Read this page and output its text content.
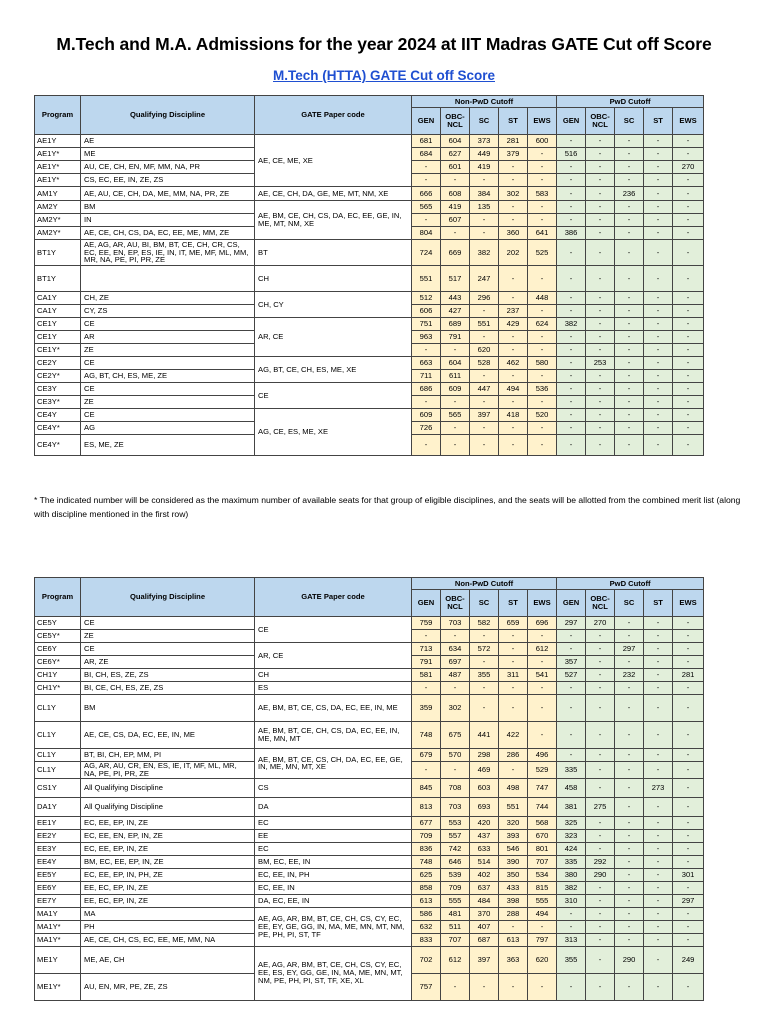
M.Tech and M.A. Admissions for the year 2024 at IIT Madras GATE Cut off Score
M.Tech (HTTA) GATE Cut off Score
Program	Qualifying Discipline	GATE Paper code	Non-PwD Cutoff					PwD Cutoff				
			GEN	OBC-NCL	SC	ST	EWS	GEN	OBC-NCL	SC	ST	EWS
AE1Y	AE	AE, CE, ME, XE	681	604	373	281	600	-	-	-	-	-
AE1Y*	ME		684	627	449	379	-	516	-	-	-	-
AE1Y*	AU, CE, CH, EN, MF, MM, NA, PR		-	601	419	-	-	-	-	-	-	270
AE1Y*	CS, EC, EE, IN, ZE, ZS		-	-	-	-	-	-	-	-	-	-
AM1Y	AE, AU, CE, CH, DA, ME, MM, NA, PR, ZE	AE, CE, CH, DA, GE, ME, MT, NM, XE	666	608	384	302	583	-	-	236	-	-
AM2Y	BM	AE, BM, CE, CH, CS, DA, EC, EE, GE, IN, ME, MT, NM, XE	565	419	135	-	-	-	-	-	-	-
AM2Y*	IN		-	607	-	-	-	-	-	-	-	-
AM2Y*	AE, CE, CH, CS, DA, EC, EE, ME, MM, ZE		804	-	-	360	641	386	-	-	-	-
BT1Y	AE, AG, AR, AU, BI, BM, BT, CE, CH, CR, CS, EC, EE, EN, EP, ES, IE, IN, IT, ME, MF, ML, MM, MR, NA, PE, PI, PR, ZE	BT	724	669	382	202	525	-	-	-	-	-
BT1Y		CH	551	517	247	-	-	-	-	-	-	-
CA1Y	CH, ZE	CH, CY	512	443	296	-	448	-	-	-	-	-
CA1Y	CY, ZS		606	427	-	237	-	-	-	-	-	-
CE1Y	CE	AR, CE	751	689	551	429	624	382	-	-	-	-
CE1Y	AR		963	791	-	-	-	-	-	-	-	-
CE1Y*	ZE		-	-	620	-	-	-	-	-	-	-
CE2Y	CE	AG, BT, CE, CH, ES, ME, XE	663	604	528	462	580	-	253	-	-	-
CE2Y*	AG, BT, CH, ES, ME, ZE		711	611	-	-	-	-	-	-	-	-
CE3Y	CE	CE	686	609	447	494	536	-	-	-	-	-
CE3Y*	ZE		-	-	-	-	-	-	-	-	-	-
CE4Y	CE	AG, CE, ES, ME, XE	609	565	397	418	520	-	-	-	-	-
CE4Y*	AG		726	-	-	-	-	-	-	-	-	-
CE4Y*	ES, ME, ZE		-	-	-	-	-	-	-	-	-	-
* The indicated number will be considered as the maximum number of available seats for that group of eligible disciplines, and the seats will be allotted from the combined merit list (along with discipline mentioned in the first row)
Program	Qualifying Discipline	GATE Paper code	Non-PwD Cutoff					PwD Cutoff				
			GEN	OBC-NCL	SC	ST	EWS	GEN	OBC-NCL	SC	ST	EWS
CE5Y	CE	CE	759	703	582	659	696	297	270	-	-	-
CE5Y*	ZE		-	-	-	-	-	-	-	-	-	-
CE6Y	CE	AR, CE	713	634	572	-	612	-	-	297	-	-
CE6Y*	AR, ZE		791	697	-	-	-	357	-	-	-	-
CH1Y	BI, CH, ES, ZE, ZS	CH	581	487	355	311	541	527	-	232	-	281
CH1Y*	BI, CE, CH, ES, ZE, ZS	ES	-	-	-	-	-	-	-	-	-	-
CL1Y	BM	AE, BM, BT, CE, CS, DA, EC, EE, IN, ME	359	302	-	-	-	-	-	-	-	-
CL1Y	AE, CE, CS, DA, EC, EE, IN, ME	AE, BM, BT, CE, CH, CS, DA, EC, EE, IN, ME, MN, MT	748	675	441	422	-	-	-	-	-	-
CL1Y	BT, BI, CH, EP, MM, PI	AE, BM, BT, CE, CS, CH, DA, EC, EE, GE, IN, ME, MN, MT, XE	679	570	298	286	496	-	-	-	-	-
CL1Y	AG, AR, AU, CR, EN, ES, IE, IT, MF, ML, MR, NA, PE, PI, PR, ZE		-	-	469	-	529	335	-	-	-	-
CS1Y	All Qualifying Discipline	CS	845	708	603	498	747	458	-	-	273	-
DA1Y	All Qualifying Discipline	DA	813	703	693	551	744	381	275	-	-	-
EE1Y	EC, EE, EP, IN, ZE	EC	677	553	420	320	568	325	-	-	-	-
EE2Y	EC, EE, EN, EP, IN, ZE	EE	709	557	437	393	670	323	-	-	-	-
EE3Y	EC, EE, EP, IN, ZE	EC	836	742	633	546	801	424	-	-	-	-
EE4Y	BM, EC, EE, EP, IN, ZE	BM, EC, EE, IN	748	646	514	390	707	335	292	-	-	-
EE5Y	EC, EE, EP, IN, PH, ZE	EC, EE, IN, PH	625	539	402	350	534	380	290	-	-	301
EE6Y	EE, EC, EP, IN, ZE	EC, EE, IN	858	709	637	433	815	382	-	-	-	-
EE7Y	EE, EC, EP, IN, ZE	DA, EC, EE, IN	613	555	484	398	555	310	-	-	-	297
MA1Y	MA	AE, AG, AR, BM, BT, CE, CH, CS, CY, EC, EE, EY, GE, GG, IN, MA, ME, MN, MT, NM, PE, PH, PI, ST, TF	586	481	370	288	494	-	-	-	-	-
MA1Y*	PH		632	511	407	-	-	-	-	-	-	-
MA1Y*	AE, CE, CH, CS, EC, EE, ME, MM, NA		833	707	687	613	797	313	-	-	-	-
ME1Y	ME, AE, CH	AE, AG, AR, BM, BT, CE, CH, CS, CY, EC, EE, ES, EY, GG, GE, IN, MA, ME, MN, MT, NM, PE, PH, PI, ST, TF, XE, XL	702	612	397	363	620	355	-	290	-	249
ME1Y*	AU, EN, MR, PE, ZE, ZS		757	-	-	-	-	-	-	-	-	-
